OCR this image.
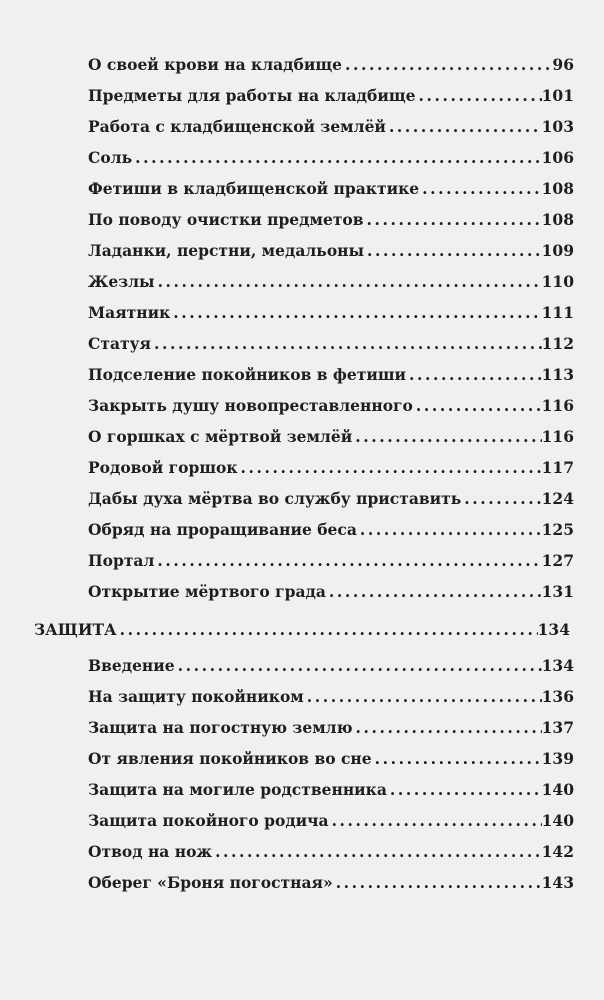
О своей крови на кладбище .....	96
Предметы для работы на кладбище .....	101
Работа с кладбищенской землёй .....	103
Соль .....	106
Фетиши в кладбищенской практике .....	108
По поводу очистки предметов .....	108
Ладанки, перстни, медальоны .....	109
Жезлы .....	110
Маятник .....	111
Статуя .....	112
Подселение покойников в фетиши .....	113
Закрыть душу новопреставленного .....	116
О горшках с мёртвой землёй .....	116
Родовой горшок .....	117
Дабы духа мёртва во службу приставить .....	124
Обряд на проращивание беса .....	125
Портал .....	127
Открытие мёртвого града .....	131
ЗАЩИТА .....	134
Введение .....	134
На защиту покойником .....	136
Защита на погостную землю .....	137
От явления покойников во сне .....	139
Защита на могиле родственника .....	140
Защита покойного родича .....	140
Отвод на нож .....	142
Оберег «Броня погостная» .....	143
